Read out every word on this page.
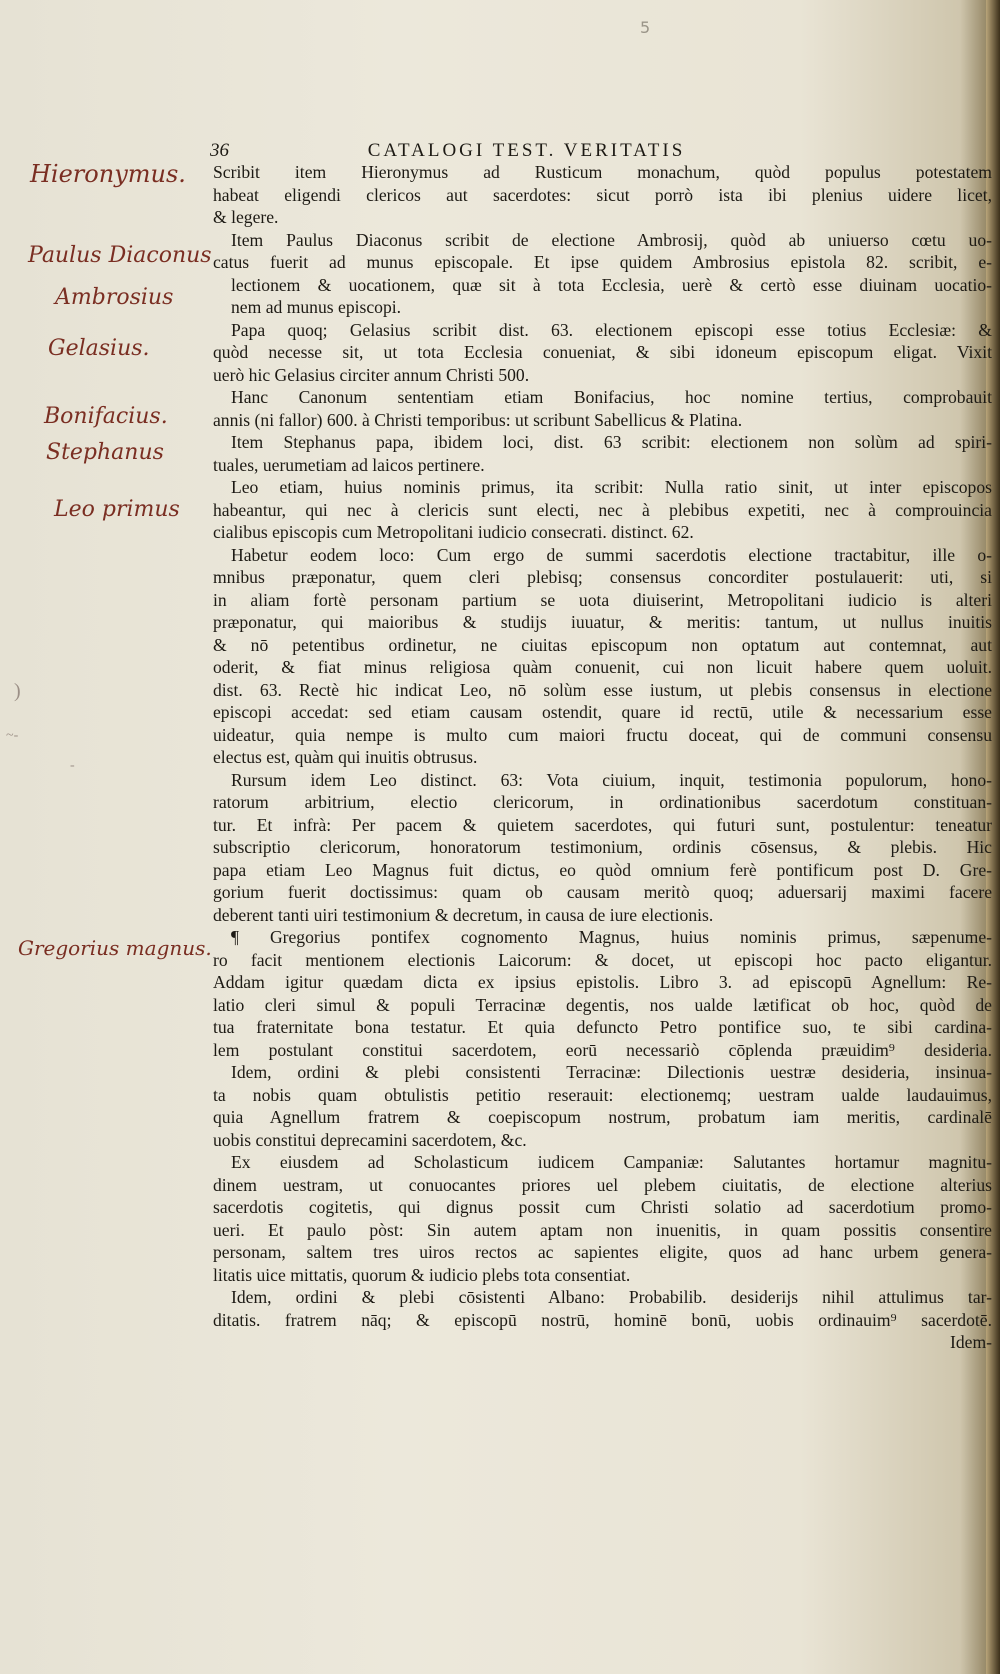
5
36	CATALOGI TEST. VERITATIS
Hieronymus.
Paulus Diaconus
Ambrosius
Gelasius.
Bonifacius.
Stephanus
Leo primus
Gregorius magnus.
)
~-
-
Scribit item Hieronymus ad Rusticum monachum, quòd populus potestatem
habeat eligendi clericos aut sacerdotes: sicut porrò ista ibi plenius uidere licet,
& legere.
Item Paulus Diaconus scribit de electione Ambrosij, quòd ab uniuerso cœtu uo-
catus fuerit ad munus episcopale. Et ipse quidem Ambrosius epistola 82. scribit, e-
lectionem & uocationem, quæ sit à tota Ecclesia, uerè & certò esse diuinam uocatio-
nem ad munus episcopi.
Papa quoq; Gelasius scribit dist. 63. electionem episcopi esse totius Ecclesiæ: &
quòd necesse sit, ut tota Ecclesia conueniat, & sibi idoneum episcopum eligat. Vixit
uerò hic Gelasius circiter annum Christi 500.
Hanc Canonum sententiam etiam Bonifacius, hoc nomine tertius, comprobauit
annis (ni fallor) 600. à Christi temporibus: ut scribunt Sabellicus & Platina.
Item Stephanus papa, ibidem loci, dist. 63 scribit: electionem non solùm ad spiri-
tuales, uerumetiam ad laicos pertinere.
Leo etiam, huius nominis primus, ita scribit: Nulla ratio sinit, ut inter episcopos
habeantur, qui nec à clericis sunt electi, nec à plebibus expetiti, nec à comprouincia
cialibus episcopis cum Metropolitani iudicio consecrati. distinct. 62.
Habetur eodem loco: Cum ergo de summi sacerdotis electione tractabitur, ille o-
mnibus præponatur, quem cleri plebisq; consensus concorditer postulauerit: uti, si
in aliam fortè personam partium se uota diuiserint, Metropolitani iudicio is alteri
præponatur, qui maioribus & studijs iuuatur, & meritis: tantum, ut nullus inuitis
& nō petentibus ordinetur, ne ciuitas episcopum non optatum aut contemnat, aut
oderit, & fiat minus religiosa quàm conuenit, cui non licuit habere quem uoluit.
dist. 63. Rectè hic indicat Leo, nō solùm esse iustum, ut plebis consensus in electione
episcopi accedat: sed etiam causam ostendit, quare id rectū, utile & necessarium esse
uideatur, quia nempe is multo cum maiori fructu doceat, qui de communi consensu
electus est, quàm qui inuitis obtrusus.
Rursum idem Leo distinct. 63: Vota ciuium, inquit, testimonia populorum, hono-
ratorum arbitrium, electio clericorum, in ordinationibus sacerdotum constituan-
tur. Et infrà: Per pacem & quietem sacerdotes, qui futuri sunt, postulentur: teneatur
subscriptio clericorum, honoratorum testimonium, ordinis cōsensus, & plebis. Hic
papa etiam Leo Magnus fuit dictus, eo quòd omnium ferè pontificum post D. Gre-
gorium fuerit doctissimus: quam ob causam meritò quoq; aduersarij maximi facere
deberent tanti uiri testimonium & decretum, in causa de iure electionis.
¶ Gregorius pontifex cognomento Magnus, huius nominis primus, sæpenume-
ro facit mentionem electionis Laicorum: & docet, ut episcopi hoc pacto eligantur.
Addam igitur quædam dicta ex ipsius epistolis. Libro 3. ad episcopū Agnellum: Re-
latio cleri simul & populi Terracinæ degentis, nos ualde lætificat ob hoc, quòd de
tua fraternitate bona testatur. Et quia defuncto Petro pontifice suo, te sibi cardina-
lem postulant constitui sacerdotem, eorū necessariò cōplenda præuidim⁹ desideria.
Idem, ordini & plebi consistenti Terracinæ: Dilectionis uestræ desideria, insinua-
ta nobis quam obtulistis petitio reserauit: electionemq; uestram ualde laudauimus,
quia Agnellum fratrem & coepiscopum nostrum, probatum iam meritis, cardinalē
uobis constitui deprecamini sacerdotem, &c.
Ex eiusdem ad Scholasticum iudicem Campaniæ: Salutantes hortamur magnitu-
dinem uestram, ut conuocantes priores uel plebem ciuitatis, de electione alterius
sacerdotis cogitetis, qui dignus possit cum Christi solatio ad sacerdotium promo-
ueri. Et paulo pòst: Sin autem aptam non inuenitis, in quam possitis consentire
personam, saltem tres uiros rectos ac sapientes eligite, quos ad hanc urbem genera-
litatis uice mittatis, quorum & iudicio plebs tota consentiat.
Idem, ordini & plebi cōsistenti Albano: Probabilib. desiderijs nihil attulimus tar-
ditatis. fratrem nāq; & episcopū nostrū, hominē bonū, uobis ordinauim⁹ sacerdotē.
Idem-
